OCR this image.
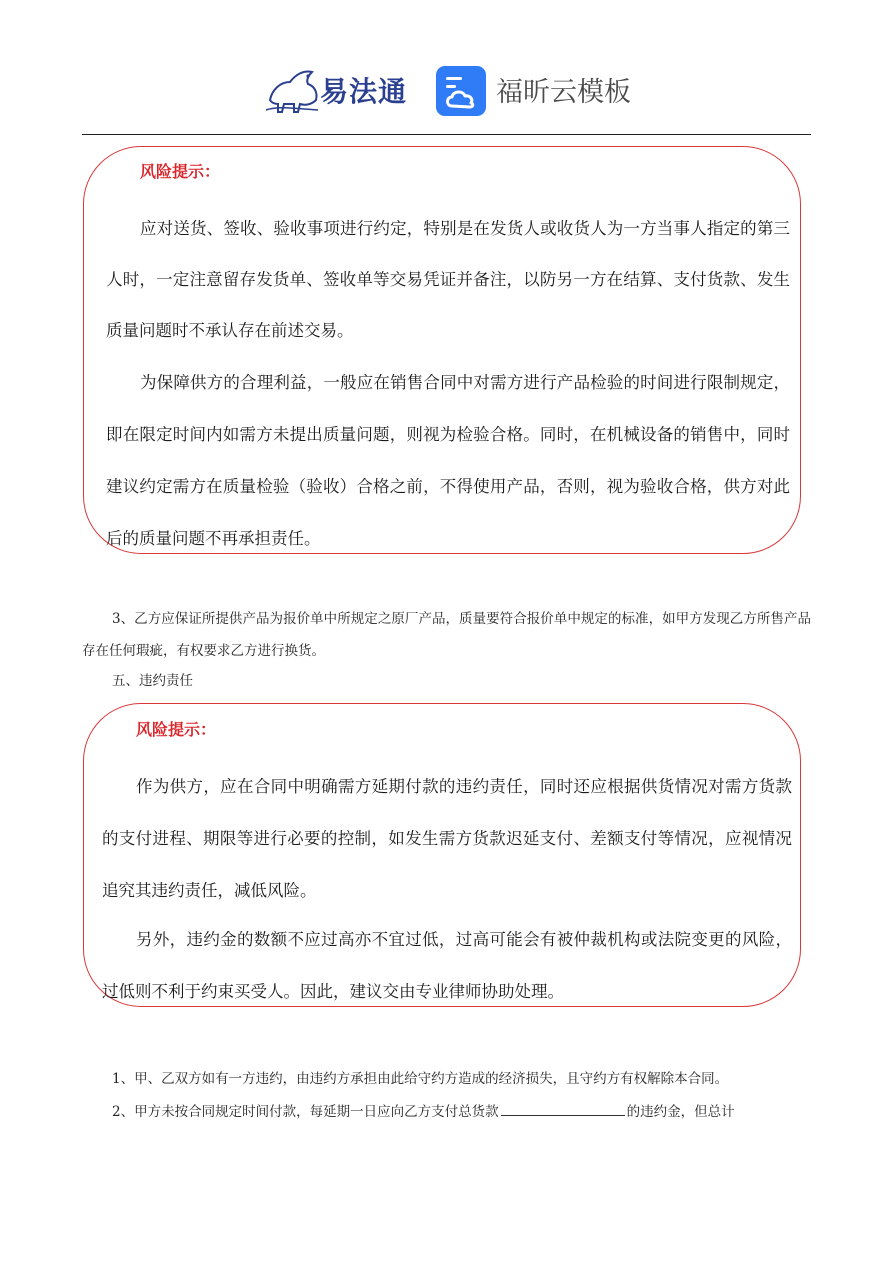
易法通	福昕云模板
风险提示：

应对送货、签收、验收事项进行约定，特别是在发货人或收货人为一方当事人指定的第三人时，一定注意留存发货单、签收单等交易凭证并备注，以防另一方在结算、支付货款、发生质量问题时不承认存在前述交易。

为保障供方的合理利益，一般应在销售合同中对需方进行产品检验的时间进行限制规定，即在限定时间内如需方未提出质量问题，则视为检验合格。同时，在机械设备的销售中，同时建议约定需方在质量检验（验收）合格之前，不得使用产品，否则，视为验收合格，供方对此后的质量问题不再承担责任。

3、乙方应保证所提供产品为报价单中所规定之原厂产品，质量要符合报价单中规定的标准，如甲方发现乙方所售产品存在任何瑕疵，有权要求乙方进行换货。

五、违约责任

风险提示：

作为供方，应在合同中明确需方延期付款的违约责任，同时还应根据供货情况对需方货款的支付进程、期限等进行必要的控制，如发生需方货款迟延支付、差额支付等情况，应视情况追究其违约责任，减低风险。

另外，违约金的数额不应过高亦不宜过低，过高可能会有被仲裁机构或法院变更的风险，过低则不利于约束买受人。因此，建议交由专业律师协助处理。

1、甲、乙双方如有一方违约，由违约方承担由此给守约方造成的经济损失，且守约方有权解除本合同。

2、甲方未按合同规定时间付款，每延期一日应向乙方支付总货款	的违约金，但总计
